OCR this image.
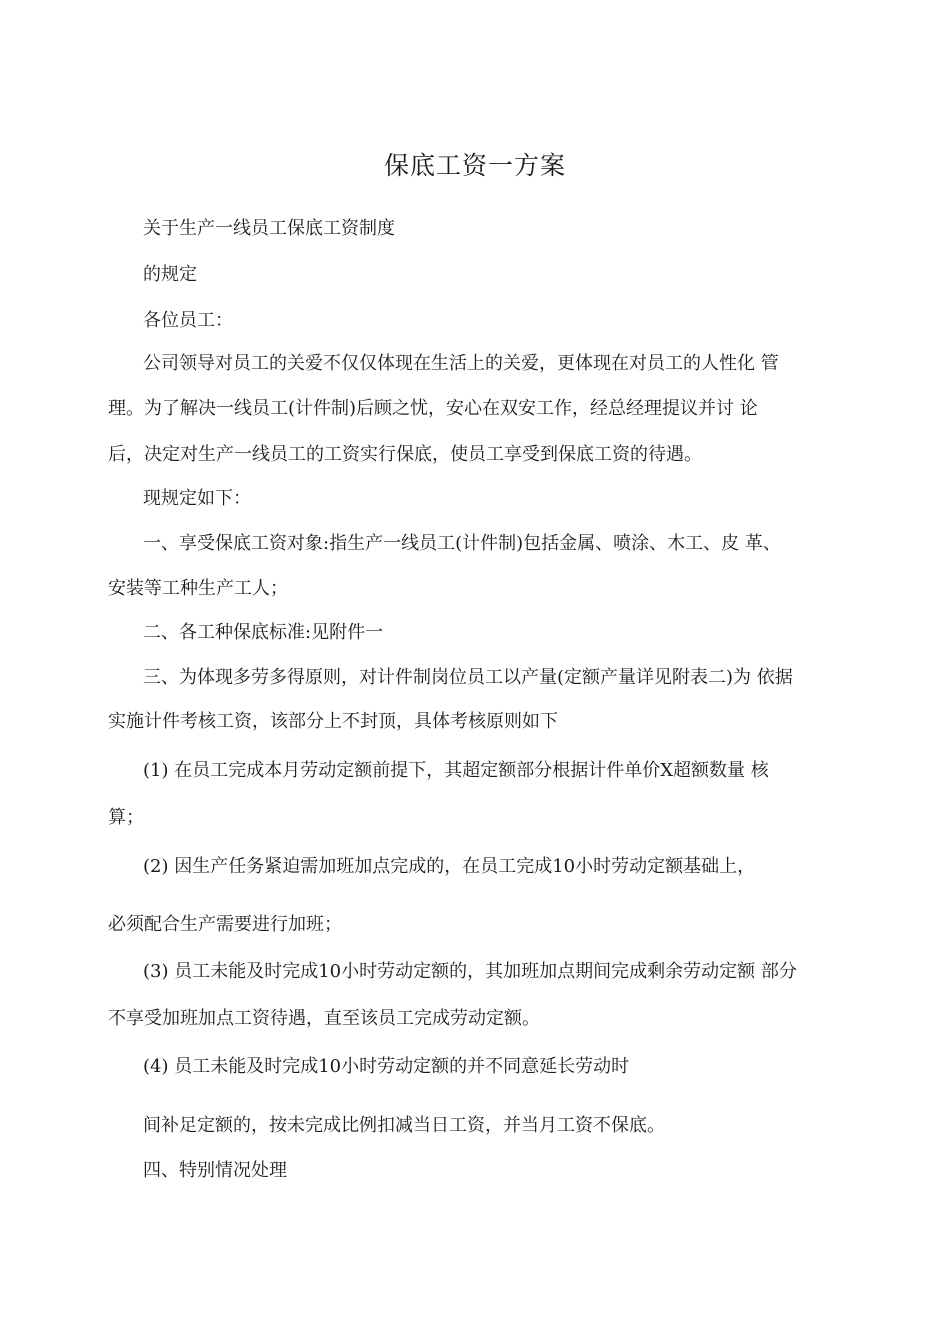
保底工资一方案
关于生产一线员工保底工资制度
的规定
各位员工：
公司领导对员工的关爱不仅仅体现在生活上的关爱，更体现在对员工的人性化 管
理。为了解决一线员工(计件制)后顾之忧，安心在双安工作，经总经理提议并讨 论
后，决定对生产一线员工的工资实行保底，使员工享受到保底工资的待遇。
现规定如下：
一、享受保底工资对象:指生产一线员工(计件制)包括金属、喷涂、木工、皮 革、
安装等工种生产工人；
二、各工种保底标准:见附件一
三、为体现多劳多得原则，对计件制岗位员工以产量(定额产量详见附表二)为 依据
实施计件考核工资，该部分上不封顶，具体考核原则如下
(1) 在员工完成本月劳动定额前提下，其超定额部分根据计件单价X超额数量 核
算；
(2) 因生产任务紧迫需加班加点完成的，在员工完成10小时劳动定额基础上，
必须配合生产需要进行加班；
(3) 员工未能及时完成10小时劳动定额的，其加班加点期间完成剩余劳动定额 部分
不享受加班加点工资待遇，直至该员工完成劳动定额。
(4) 员工未能及时完成10小时劳动定额的并不同意延长劳动时
间补足定额的，按未完成比例扣减当日工资，并当月工资不保底。
四、特别情况处理
